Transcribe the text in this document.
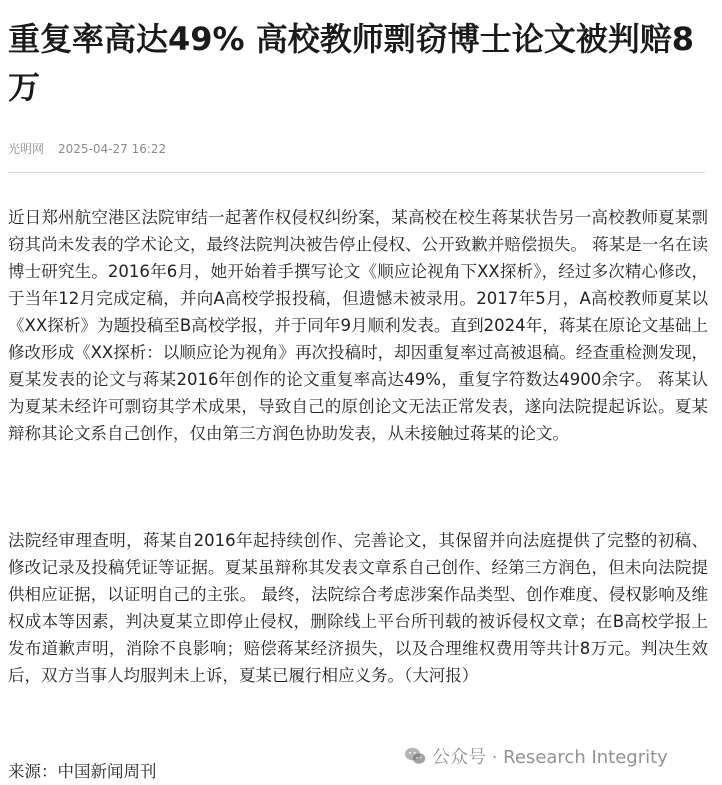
重复率高达49% 高校教师剽窃博士论文被判赔8万
光明网 2025-04-27 16:22

近日郑州航空港区法院审结一起著作权侵权纠纷案，某高校在校生蒋某状告另一高校教师夏某剽窃其尚未发表的学术论文，最终法院判决被告停止侵权、公开致歉并赔偿损失。 蒋某是一名在读博士研究生。2016年6月，她开始着手撰写论文《顺应论视角下XX探析》，经过多次精心修改，于当年12月完成定稿，并向A高校学报投稿，但遗憾未被录用。2017年5月，A高校教师夏某以《XX探析》为题投稿至B高校学报，并于同年9月顺利发表。直到2024年，蒋某在原论文基础上修改形成《XX探析：以顺应论为视角》再次投稿时，却因重复率过高被退稿。经查重检测发现，夏某发表的论文与蒋某2016年创作的论文重复率高达49%，重复字符数达4900余字。 蒋某认为夏某未经许可剽窃其学术成果，导致自己的原创论文无法正常发表，遂向法院提起诉讼。夏某辩称其论文系自己创作，仅由第三方润色协助发表，从未接触过蒋某的论文。

法院经审理查明，蒋某自2016年起持续创作、完善论文，其保留并向法庭提供了完整的初稿、修改记录及投稿凭证等证据。夏某虽辩称其发表文章系自己创作、经第三方润色，但未向法院提供相应证据，以证明自己的主张。 最终，法院综合考虑涉案作品类型、创作难度、侵权影响及维权成本等因素，判决夏某立即停止侵权，删除线上平台所刊载的被诉侵权文章；在B高校学报上发布道歉声明，消除不良影响；赔偿蒋某经济损失，以及合理维权费用等共计8万元。判决生效后，双方当事人均服判未上诉，夏某已履行相应义务。（大河报）

来源：中国新闻周刊
公众号 · Research Integrity
